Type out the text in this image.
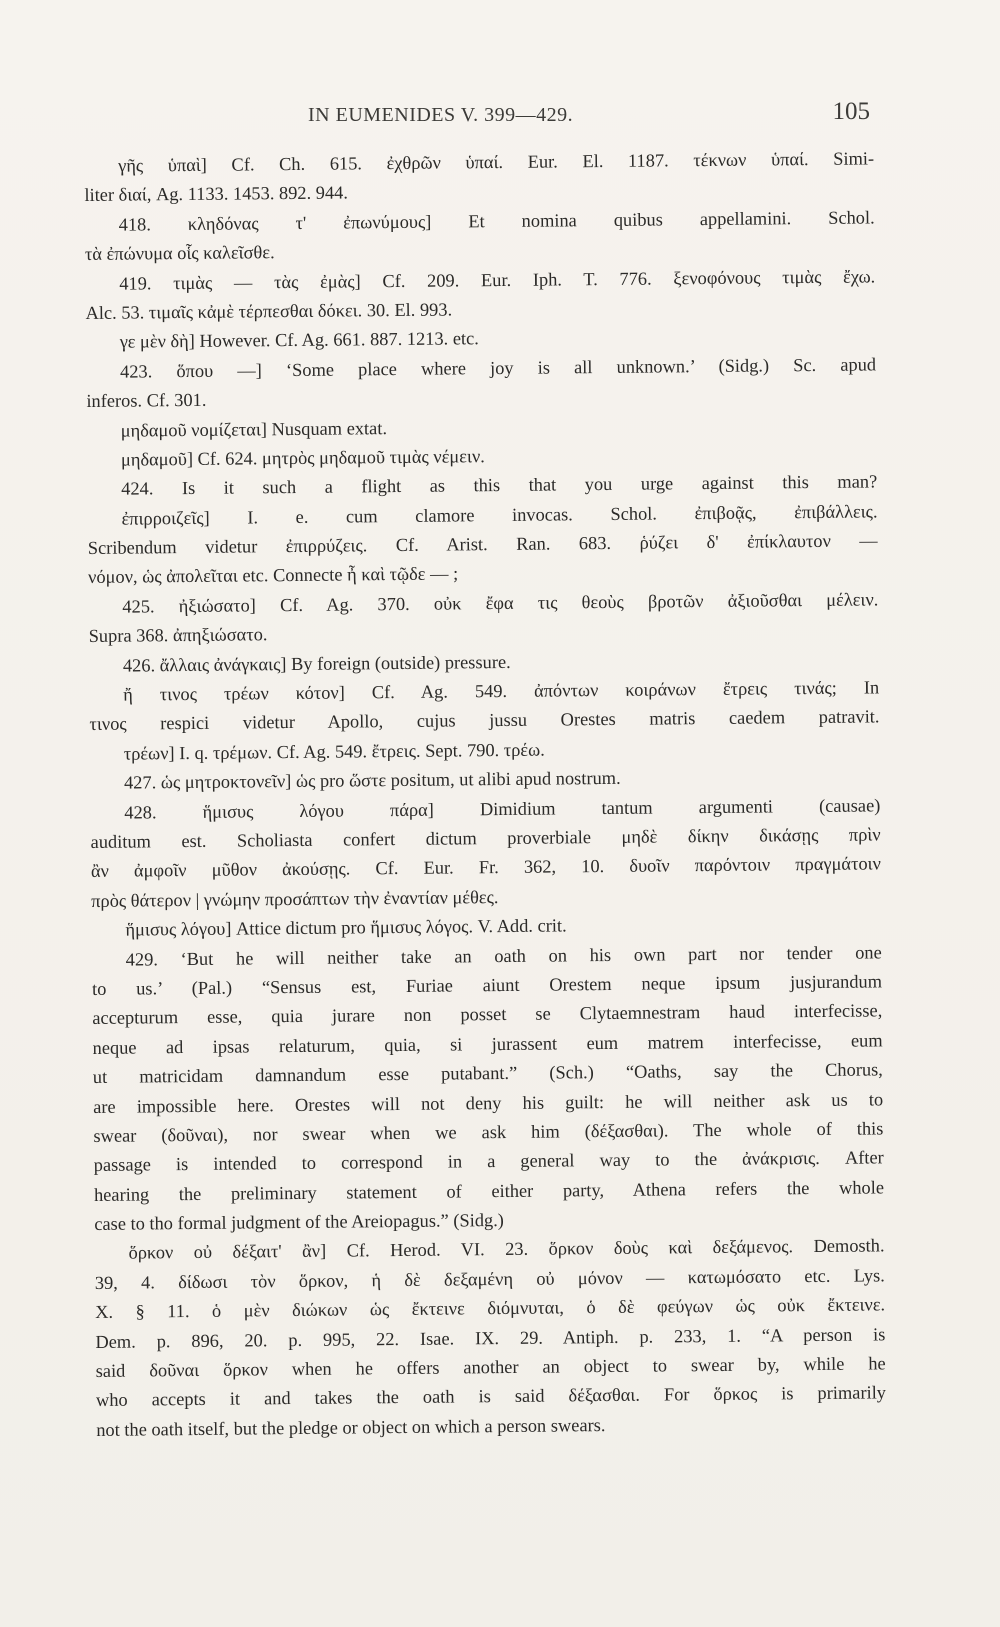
IN EUMENIDES V. 399—429.	105
γῆς ὑπαὶ] Cf. Ch. 615. ἐχθρῶν ὑπαί. Eur. El. 1187. τέκνων ὑπαί. Simi-
liter διαί, Ag. 1133. 1453. 892. 944.
418. κληδόνας τ' ἐπωνύμους] Et nomina quibus appellamini. Schol.
τὰ ἐπώνυμα οἷς καλεῖσθε.
419. τιμὰς — τὰς ἐμὰς] Cf. 209. Eur. Iph. T. 776. ξενοφόνους τιμὰς ἔχω.
Alc. 53. τιμαῖς κἀμὲ τέρπεσθαι δόκει. 30. El. 993.
γε μὲν δὴ] However. Cf. Ag. 661. 887. 1213. etc.
423. ὅπου —] ‘Some place where joy is all unknown.’ (Sidg.) Sc. apud
inferos. Cf. 301.
μηδαμοῦ νομίζεται] Nusquam extat.
μηδαμοῦ] Cf. 624. μητρὸς μηδαμοῦ τιμὰς νέμειν.
424. Is it such a flight as this that you urge against this man?
ἐπιρροιζεῖς] I. e. cum clamore invocas. Schol. ἐπιβοᾷς, ἐπιβάλλεις.
Scribendum videtur ἐπιρρύζεις. Cf. Arist. Ran. 683. ῥύζει δ' ἐπίκλαυτον —
νόμον, ὡς ἀπολεῖται etc. Connecte ἦ καὶ τῷδε — ;
425. ἠξιώσατο] Cf. Ag. 370. οὐκ ἔφα τις θεοὺς βροτῶν ἀξιοῦσθαι μέλειν.
Supra 368. ἀπηξιώσατο.
426. ἄλλαις ἀνάγκαις] By foreign (outside) pressure.
ἤ τινος τρέων κότον] Cf. Ag. 549. ἀπόντων κοιράνων ἔτρεις τινάς; In
τινος respici videtur Apollo, cujus jussu Orestes matris caedem patravit.
τρέων] I. q. τρέμων. Cf. Ag. 549. ἔτρεις. Sept. 790. τρέω.
427. ὡς μητροκτονεῖν] ὡς pro ὥστε positum, ut alibi apud nostrum.
428. ἥμισυς λόγου πάρα] Dimidium tantum argumenti (causae)
auditum est. Scholiasta confert dictum proverbiale μηδὲ δίκην δικάσῃς πρὶν
ἂν ἀμφοῖν μῦθον ἀκούσῃς. Cf. Eur. Fr. 362, 10. δυοῖν παρόντοιν πραγμάτοιν
πρὸς θάτερον | γνώμην προσάπτων τὴν ἐναντίαν μέθες.
ἥμισυς λόγου] Attice dictum pro ἥμισυς λόγος. V. Add. crit.
429. ‘But he will neither take an oath on his own part nor tender one
to us.’ (Pal.) “Sensus est, Furiae aiunt Orestem neque ipsum jusjurandum
accepturum esse, quia jurare non posset se Clytaemnestram haud interfecisse,
neque ad ipsas relaturum, quia, si jurassent eum matrem interfecisse, eum
ut matricidam damnandum esse putabant.” (Sch.) “Oaths, say the Chorus,
are impossible here. Orestes will not deny his guilt: he will neither ask us to
swear (δοῦναι), nor swear when we ask him (δέξασθαι). The whole of this
passage is intended to correspond in a general way to the ἀνάκρισις. After
hearing the preliminary statement of either party, Athena refers the whole
case to tho formal judgment of the Areiopagus.” (Sidg.)
ὅρκον οὐ δέξαιτ' ἂν] Cf. Herod. VI. 23. ὅρκον δοὺς καὶ δεξάμενος. Demosth.
39, 4. δίδωσι τὸν ὅρκον, ἡ δὲ δεξαμένη οὐ μόνον — κατωμόσατο etc. Lys.
X. § 11. ὁ μὲν διώκων ὡς ἔκτεινε διόμνυται, ὁ δὲ φεύγων ὡς οὐκ ἔκτεινε.
Dem. p. 896, 20. p. 995, 22. Isae. IX. 29. Antiph. p. 233, 1. “A person is
said δοῦναι ὅρκον when he offers another an object to swear by, while he
who accepts it and takes the oath is said δέξασθαι. For ὅρκος is primarily
not the oath itself, but the pledge or object on which a person swears.
